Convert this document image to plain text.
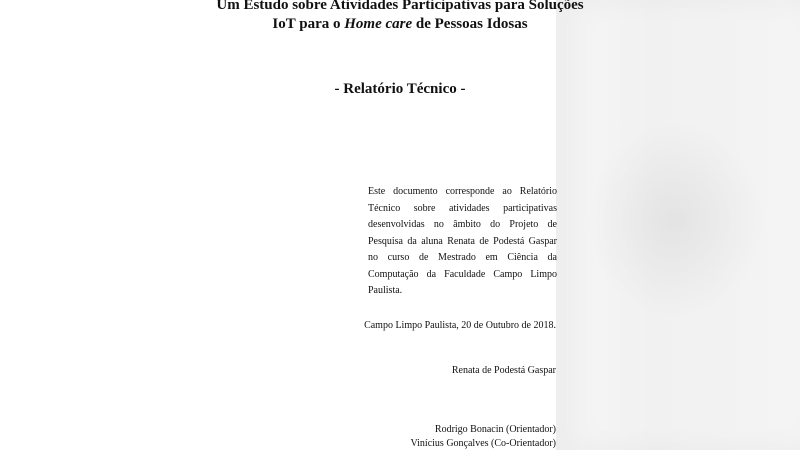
Um Estudo sobre Atividades Participativas para Soluções
IoT para o Home care de Pessoas Idosas
- Relatório Técnico -

Este documento corresponde ao Relatório Técnico sobre atividades participativas desenvolvidas no âmbito do Projeto de Pesquisa da aluna Renata de Podestá Gaspar no curso de Mestrado em Ciência da Computação da Faculdade Campo Limpo Paulista.

Campo Limpo Paulista, 20 de Outubro de 2018.
Renata de Podestá Gaspar
Rodrigo Bonacin (Orientador)
Vinícius Gonçalves (Co-Orientador)
